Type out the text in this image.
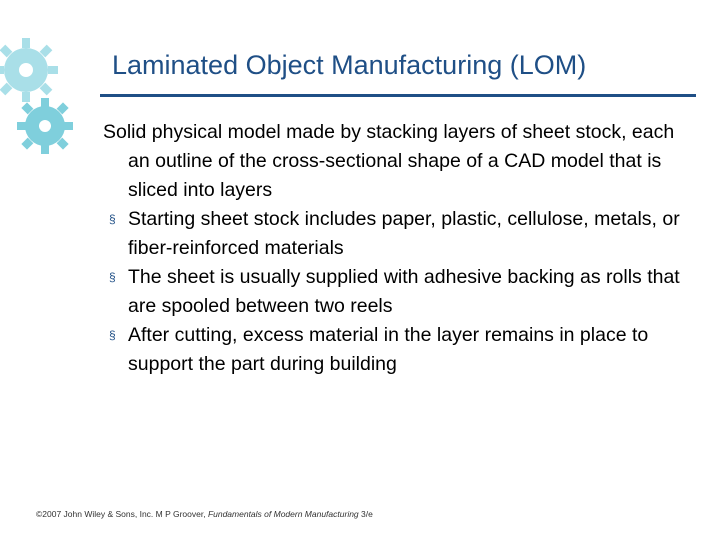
Laminated Object Manufacturing (LOM)
Solid physical model made by stacking layers of sheet stock, each an outline of the cross-sectional shape of a CAD model that is sliced into layers
§ Starting sheet stock includes paper, plastic, cellulose, metals, or fiber-reinforced materials
§ The sheet is usually supplied with adhesive backing as rolls that are spooled between two reels
§ After cutting, excess material in the layer remains in place to support the part during building
©2007 John Wiley & Sons, Inc. M P Groover, Fundamentals of Modern Manufacturing 3/e
